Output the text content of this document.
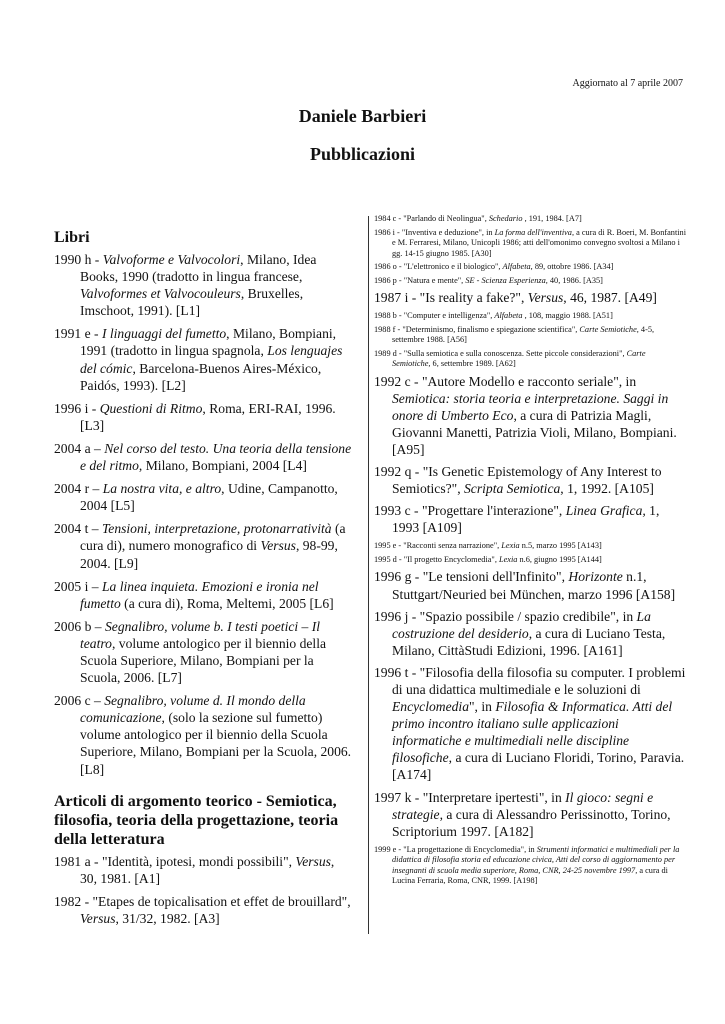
Aggiornato al 7 aprile 2007
Daniele Barbieri
Pubblicazioni
Libri
1990 h - Valvoforme e Valvocolori, Milano, Idea Books, 1990 (tradotto in lingua francese, Valvoformes et Valvocouleurs, Bruxelles, Imschoot, 1991). [L1]
1991 e - I linguaggi del fumetto, Milano, Bompiani, 1991 (tradotto in lingua spagnola, Los lenguajes del cómic, Barcelona-Buenos Aires-México, Paidós, 1993). [L2]
1996 i - Questioni di Ritmo, Roma, ERI-RAI, 1996. [L3]
2004 a – Nel corso del testo. Una teoria della tensione e del ritmo, Milano, Bompiani, 2004 [L4]
2004 r – La nostra vita, e altro, Udine, Campanotto, 2004 [L5]
2004 t – Tensioni, interpretazione, protonarratività (a cura di), numero monografico di Versus, 98-99, 2004. [L9]
2005 i – La linea inquieta. Emozioni e ironia nel fumetto (a cura di), Roma, Meltemi, 2005 [L6]
2006 b – Segnalibro, volume b. I testi poetici – Il teatro, volume antologico per il biennio della Scuola Superiore, Milano, Bompiani per la Scuola, 2006. [L7]
2006 c – Segnalibro, volume d. Il mondo della comunicazione, (solo la sezione sul fumetto) volume antologico per il biennio della Scuola Superiore, Milano, Bompiani per la Scuola, 2006. [L8]
Articoli di argomento teorico - Semiotica, filosofia, teoria della progettazione, teoria della letteratura
1981 a - "Identità, ipotesi, mondi possibili", Versus, 30, 1981. [A1]
1982 - "Etapes de topicalisation et effet de brouillard", Versus, 31/32, 1982. [A3]
1984 c - "Parlando di Neolingua", Schedario , 191, 1984. [A7]
1986 i - "Inventiva e deduzione", in La forma dell'inventiva, a cura di R. Boeri, M. Bonfantini e M. Ferraresi, Milano, Unicopli 1986; atti dell'omonimo convegno svoltosi a Milano i gg. 14-15 giugno 1985. [A30]
1986 o - "L'elettronico e il biologico", Alfabeta, 89, ottobre 1986. [A34]
1986 p - "Natura e mente", SE - Scienza Esperienza, 40, 1986. [A35]
1987 i - "Is reality a fake?", Versus, 46, 1987. [A49]
1988 b - "Computer e intelligenza", Alfabeta , 108, maggio 1988. [A51]
1988 f - "Determinismo, finalismo e spiegazione scientifica", Carte Semiotiche, 4-5, settembre 1988. [A56]
1989 d - "Sulla semiotica e sulla conoscenza. Sette piccole considerazioni", Carte Semiotiche, 6, settembre 1989. [A62]
1992 c - "Autore Modello e racconto seriale", in Semiotica: storia teoria e interpretazione. Saggi in onore di Umberto Eco, a cura di Patrizia Magli, Giovanni Manetti, Patrizia Violi, Milano, Bompiani. [A95]
1992 q - "Is Genetic Epistemology of Any Interest to Semiotics?", Scripta Semiotica, 1, 1992. [A105]
1993 c - "Progettare l'interazione", Linea Grafica, 1, 1993 [A109]
1995 e - "Racconti senza narrazione", Lexia n.5, marzo 1995 [A143]
1995 d - "Il progetto Encyclomedia", Lexia n.6, giugno 1995 [A144]
1996 g - "Le tensioni dell'Infinito", Horizonte n.1, Stuttgart/Neuried bei München, marzo 1996 [A158]
1996 j - "Spazio possibile / spazio credibile", in La costruzione del desiderio, a cura di Luciano Testa, Milano, CittàStudi Edizioni, 1996. [A161]
1996 t - "Filosofia della filosofia su computer. I problemi di una didattica multimediale e le soluzioni di Encyclomedia", in Filosofia & Informatica. Atti del primo incontro italiano sulle applicazioni informatiche e multimediali nelle discipline filosofiche, a cura di Luciano Floridi, Torino, Paravia. [A174]
1997 k - "Interpretare ipertesti", in Il gioco: segni e strategie, a cura di Alessandro Perissinotto, Torino, Scriptorium 1997. [A182]
1999 e - "La progettazione di Encyclomedia", in Strumenti informatici e multimediali per la didattica di filosofia storia ed educazione civica, Atti del corso di aggiornamento per insegnanti di scuola media superiore, Roma, CNR, 24-25 novembre 1997, a cura di Lucina Ferraria, Roma, CNR, 1999. [A198]
